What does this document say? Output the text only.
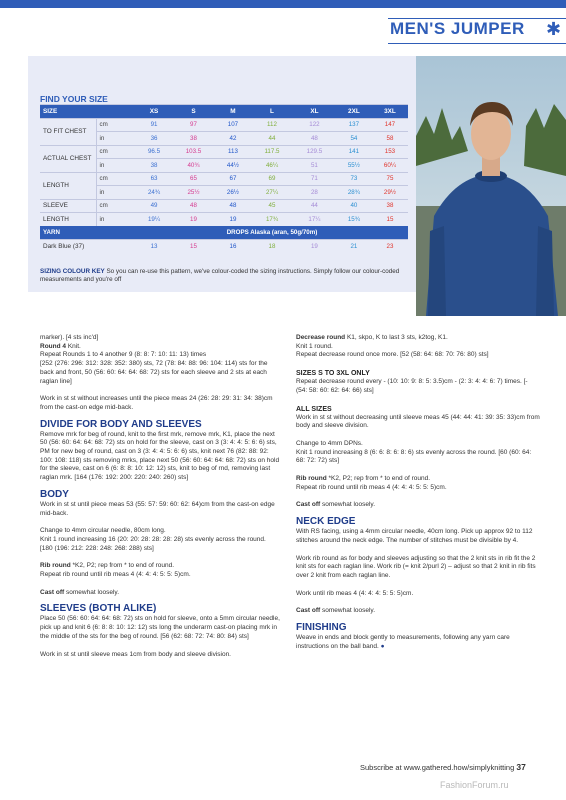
MEN'S JUMPER ✱
FIND YOUR SIZE
SIZE		XS	S	M	L	XL	2XL	3XL
TO FIT CHEST	cm	91	97	107	112	122	137	147
	in	36	38	42	44	48	54	58
ACTUAL CHEST	cm	96.5	103.5	113	117.5	129.5	141	153
	in	38	40¾	44½	46¼	51	55½	60¼
LENGTH	cm	63	65	67	69	71	73	75
	in	24¾	25½	26½	27¼	28	28¾	29½
SLEEVE	cm	49	48	48	45	44	40	38
LENGTH	in	19¼	19	19	17¾	17¼	15¾	15
YARN		DROPS Alaska (aran, 50g/70m)						
Dark Blue (37)		13	15	16	18	19	21	23
SIZING COLOUR KEY So you can re-use this pattern, we've colour-coded the sizing instructions. Simply follow our colour-coded measurements and you're off

marker). [4 sts inc'd]

Round 4 Knit.

Repeat Rounds 1 to 4 another 9 (8: 8: 7: 10: 11: 13) times

[252 (276: 296: 312: 328: 352: 380) sts, 72 (78: 84: 88: 96: 104: 114) sts for the back and front, 50 (56: 60: 64: 64: 68: 72) sts for each sleeve and 2 sts at each raglan line]

Work in st st without increases until the piece meas 24 (26: 28: 29: 31: 34: 38)cm from the cast-on edge mid-back.

DIVIDE FOR BODY AND SLEEVES

Remove mrk for beg of round, knit to the first mrk, remove mrk, K1, place the next 50 (56: 60: 64: 64: 68: 72) sts on hold for the sleeve, cast on 3 (3: 4: 4: 5: 6: 6) sts, PM for new beg of round, cast on 3 (3: 4: 4: 5: 6: 6) sts, knit next 76 (82: 88: 92: 100: 108: 118) sts removing mrks, place next 50 (56: 60: 64: 64: 68: 72) sts on hold for the sleeve, cast on 6 (6: 8: 8: 10: 12: 12) sts, knit to beg of rnd, removing last raglan mrk. [164 (176: 192: 200: 220: 240: 260) sts]

BODY

Work in st st until piece meas 53 (55: 57: 59: 60: 62: 64)cm from the cast-on edge mid-back.

Change to 4mm circular needle, 80cm long.

Knit 1 round increasing 16 (20: 20: 28: 28: 28: 28) sts evenly across the round. [180 (196: 212: 228: 248: 268: 288) sts]

Rib round *K2, P2; rep from * to end of round.

Repeat rib round until rib meas 4 (4: 4: 4: 5: 5: 5)cm.

Cast off somewhat loosely.

SLEEVES (BOTH ALIKE)

Place 50 (56: 60: 64: 64: 68: 72) sts on hold for sleeve, onto a 5mm circular needle, pick up and knit 6 (6: 8: 8: 10: 12: 12) sts long the underarm cast-on placing mrk in the middle of the sts for the beg of round. [56 (62: 68: 72: 74: 80: 84) sts]

Work in st st until sleeve meas 1cm from body and sleeve division.

Decrease round K1, skpo, K to last 3 sts, k2tog, K1.

Knit 1 round.

Repeat decrease round once more. [52 (58: 64: 68: 70: 76: 80) sts]

SIZES S TO 3XL ONLY

Repeat decrease round every - (10: 10: 9: 8: 5: 3.5)cm - (2: 3: 4: 4: 6: 7) times. [- (54: 58: 60: 62: 64: 66) sts]

ALL SIZES

Work in st st without decreasing until sleeve meas 45 (44: 44: 41: 39: 35: 33)cm from body and sleeve division.

Change to 4mm DPNs.

Knit 1 round increasing 8 (6: 6: 8: 6: 8: 6) sts evenly across the round. [60 (60: 64: 68: 72: 72) sts]

Rib round *K2, P2; rep from * to end of round.

Repeat rib round until rib meas 4 (4: 4: 4: 5: 5: 5)cm.

Cast off somewhat loosely.

NECK EDGE

With RS facing, using a 4mm circular needle, 40cm long. Pick up approx 92 to 112 stitches around the neck edge. The number of stitches must be divisible by 4.

Work rib round as for body and sleeves adjusting so that the 2 knit sts in rib fit the 2 knit sts for each raglan line. Work rib (= knit 2/purl 2) – adjust so that 2 knit in rib fits over 2 knit from each raglan line.

Work until rib meas 4 (4: 4: 4: 5: 5: 5)cm.

Cast off somewhat loosely.

FINISHING

Weave in ends and block gently to measurements, following any yarn care instructions on the ball band. ●

Subscribe at www.gathered.how/simplyknitting 37
FashionForum.ru
